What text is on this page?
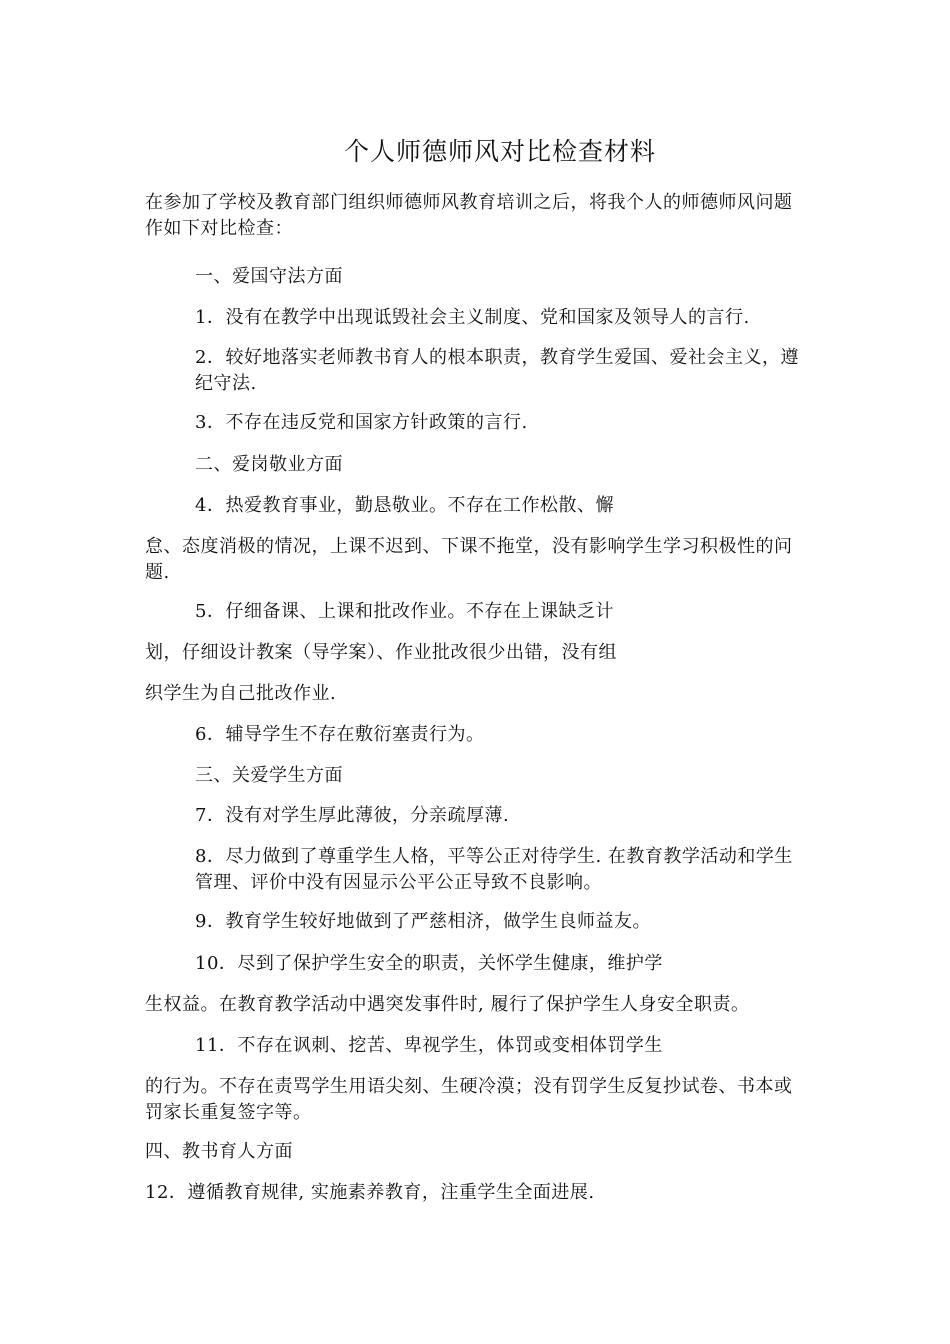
个人师德师风对比检查材料

在参加了学校及教育部门组织师德师风教育培训之后，将我个人的师德师风问题作如下对比检查：

一、爱国守法方面

1．没有在教学中出现诋毁社会主义制度、党和国家及领导人的言行.

2．较好地落实老师教书育人的根本职责，教育学生爱国、爱社会主义，遵纪守法.

3．不存在违反党和国家方针政策的言行.

二、爱岗敬业方面

4．热爱教育事业，勤恳敬业。不存在工作松散、懈

怠、态度消极的情况，上课不迟到、下课不拖堂，没有影响学生学习积极性的问题.

5．仔细备课、上课和批改作业。不存在上课缺乏计

划，仔细设计教案（导学案）、作业批改很少出错，没有组

织学生为自己批改作业.

6．辅导学生不存在敷衍塞责行为。

三、关爱学生方面

7．没有对学生厚此薄彼，分亲疏厚薄.

8．尽力做到了尊重学生人格，平等公正对待学生. 在教育教学活动和学生管理、评价中没有因显示公平公正导致不良影响。

9．教育学生较好地做到了严慈相济，做学生良师益友。

10．尽到了保护学生安全的职责，关怀学生健康，维护学

生权益。在教育教学活动中遇突发事件时, 履行了保护学生人身安全职责。

11．不存在讽刺、挖苦、卑视学生，体罚或变相体罚学生

的行为。不存在责骂学生用语尖刻、生硬冷漠；没有罚学生反复抄试卷、书本或罚家长重复签字等。

四、教书育人方面

12．遵循教育规律, 实施素养教育，注重学生全面进展.
